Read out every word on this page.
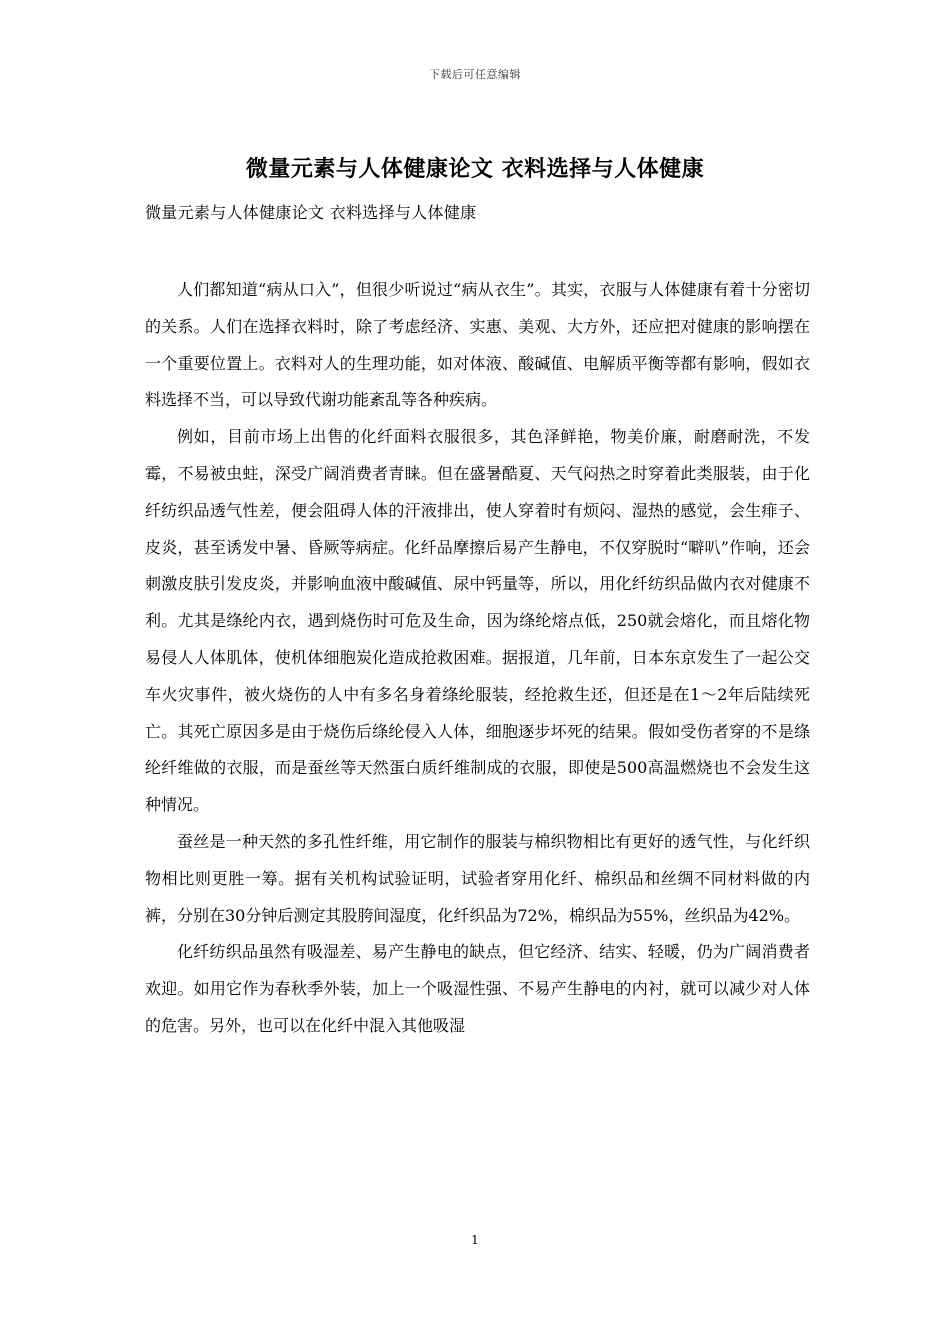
下载后可任意编辑
微量元素与人体健康论文 衣料选择与人体健康
微量元素与人体健康论文 衣料选择与人体健康

人们都知道“病从口入”，但很少听说过“病从衣生”。其实，衣服与人体健康有着十分密切的关系。人们在选择衣料时，除了考虑经济、实惠、美观、大方外，还应把对健康的影响摆在一个重要位置上。衣料对人的生理功能，如对体液、酸碱值、电解质平衡等都有影响，假如衣料选择不当，可以导致代谢功能紊乱等各种疾病。

例如，目前市场上出售的化纤面料衣服很多，其色泽鲜艳，物美价廉，耐磨耐洗，不发霉，不易被虫蛀，深受广阔消费者青睐。但在盛暑酷夏、天气闷热之时穿着此类服装，由于化纤纺织品透气性差，便会阻碍人体的汗液排出，使人穿着时有烦闷、湿热的感觉，会生痱子、皮炎，甚至诱发中暑、昏厥等病症。化纤品摩擦后易产生静电，不仅穿脱时“噼叭”作响，还会刺激皮肤引发皮炎，并影响血液中酸碱值、尿中钙量等，所以，用化纤纺织品做内衣对健康不利。尤其是绦纶内衣，遇到烧伤时可危及生命，因为绦纶熔点低，250就会熔化，而且熔化物易侵人人体肌体，使机体细胞炭化造成抢救困难。据报道，几年前，日本东京发生了一起公交车火灾事件，被火烧伤的人中有多名身着绦纶服装，经抢救生还，但还是在1～2年后陆续死亡。其死亡原因多是由于烧伤后绦纶侵入人体，细胞逐步坏死的结果。假如受伤者穿的不是绦纶纤维做的衣服，而是蚕丝等天然蛋白质纤维制成的衣服，即使是500高温燃烧也不会发生这种情况。

蚕丝是一种天然的多孔性纤维，用它制作的服装与棉织物相比有更好的透气性，与化纤织物相比则更胜一筹。据有关机构试验证明，试验者穿用化纤、棉织品和丝绸不同材料做的内裤，分别在30分钟后测定其股胯间湿度，化纤织品为72%，棉织品为55%，丝织品为42%。

化纤纺织品虽然有吸湿差、易产生静电的缺点，但它经济、结实、轻暖，仍为广阔消费者欢迎。如用它作为春秋季外装，加上一个吸湿性强、不易产生静电的内衬，就可以减少对人体的危害。另外，也可以在化纤中混入其他吸湿

1
